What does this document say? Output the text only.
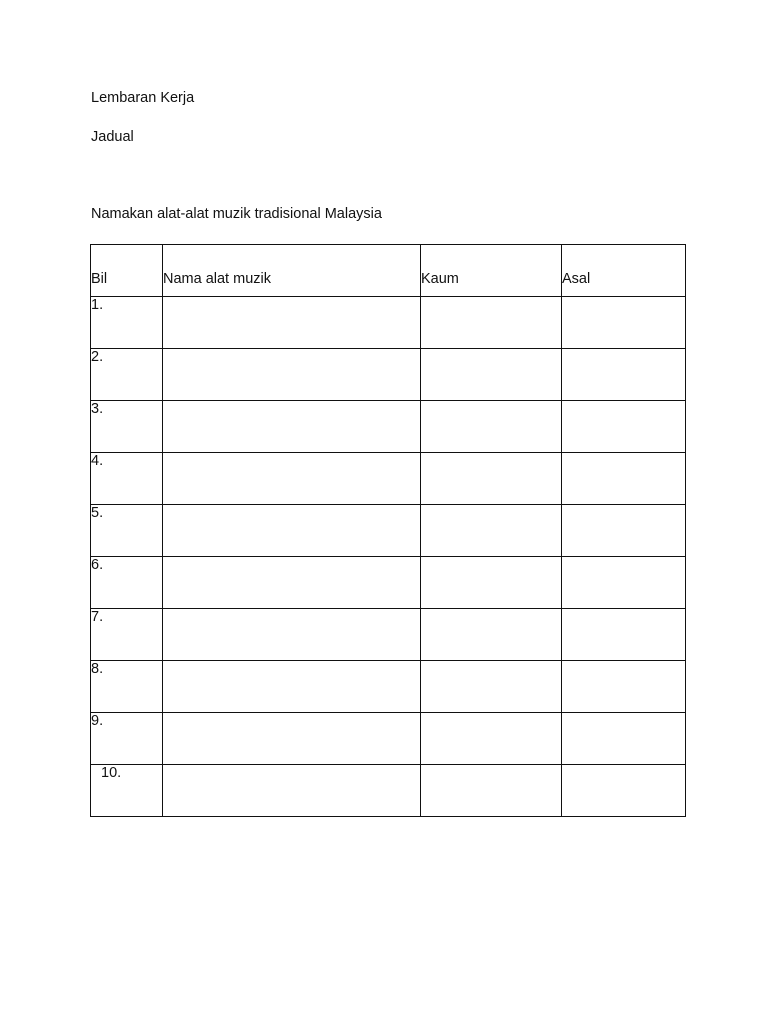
Lembaran Kerja
Jadual
Namakan alat-alat muzik tradisional Malaysia
Bil	Nama alat muzik	Kaum	Asal
1.			
2.			
3.			
4.			
5.			
6.			
7.			
8.			
9.			
10.			
